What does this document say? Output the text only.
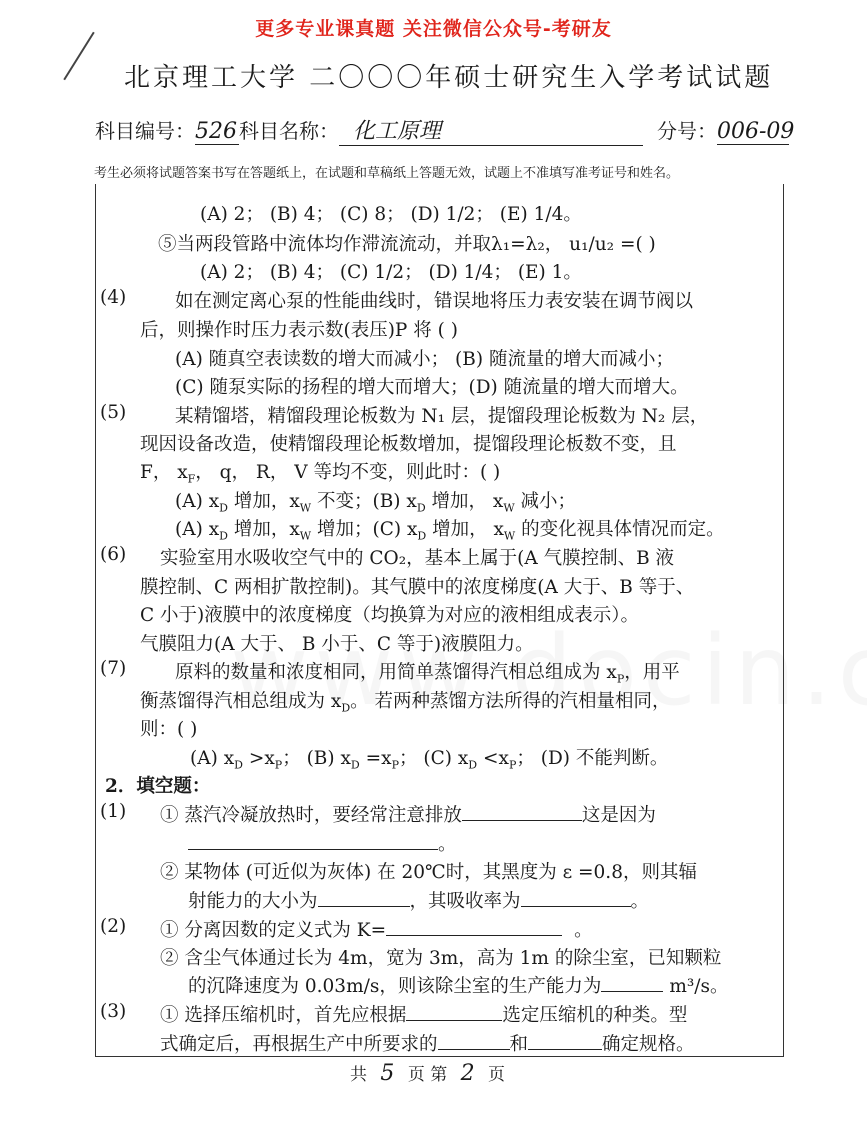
更多专业课真题 关注微信公众号-考研友
北京理工大学 二〇〇〇年硕士研究生入学考试试题
科目编号：526 科目名称： 化工原理	分号：006-09
考生必须将试题答案书写在答题纸上，在试题和草稿纸上答题无效，试题上不准填写准考证号和姓名。
(A) 2； (B) 4； (C) 8； (D) 1/2； (E) 1/4。
⑤当两段管路中流体均作滞流流动，并取λ₁=λ₂， u₁/u₂ =( )
(A) 2； (B) 4； (C) 1/2； (D) 1/4； (E) 1。
(4)	如在测定离心泵的性能曲线时，错误地将压力表安装在调节阀以
后，则操作时压力表示数(表压)P 将 ( )
(A) 随真空表读数的增大而减小； (B) 随流量的增大而减小；
(C) 随泵实际的扬程的增大而增大；(D) 随流量的增大而增大。
(5)	某精馏塔，精馏段理论板数为 N₁ 层，提馏段理论板数为 N₂ 层，
现因设备改造，使精馏段理论板数增加，提馏段理论板数不变，且
F， $x_F$， q， R， V 等均不变，则此时：( )
(A) $x_D$ 增加，$x_W$ 不变；(B) $x_D$ 增加， $x_W$ 减小；
(A) $x_D$ 增加，$x_W$ 增加；(C) $x_D$ 增加， $x_W$ 的变化视具体情况而定。
(6) 实验室用水吸收空气中的 CO₂，基本上属于(A 气膜控制、B 液
膜控制、C 两相扩散控制)。其气膜中的浓度梯度(A 大于、B 等于、
C 小于)液膜中的浓度梯度（均换算为对应的液相组成表示）。
气膜阻力(A 大于、 B 小于、C 等于)液膜阻力。
(7)	原料的数量和浓度相同，用简单蒸馏得汽相总组成为 $x_P$，用平
衡蒸馏得汽相总组成为 $x_D$。 若两种蒸馏方法所得的汽相量相同，
则：( )
(A) $x_D >x_P$； (B) $x_D =x_P$； (C) $x_D <x_P$； (D) 不能判断。
2．填空题：
(1) ① 蒸汽冷凝放热时，要经常注意排放	这是因为
。
② 某物体 (可近似为灰体) 在 20℃时，其黑度为 ε =0.8，则其辐
射能力的大小为	，其吸收率为	。
(2) ① 分离因数的定义式为 K=	。
② 含尘气体通过长为 4m，宽为 3m，高为 1m 的除尘室，已知颗粒
的沉降速度为 0.03m/s，则该除尘室的生产能力为	m³/s。
(3) ① 选择压缩机时，首先应根据	选定压缩机的种类。型
式确定后，再根据生产中所要求的	和	确定规格。
共 5 页 第 2 页
